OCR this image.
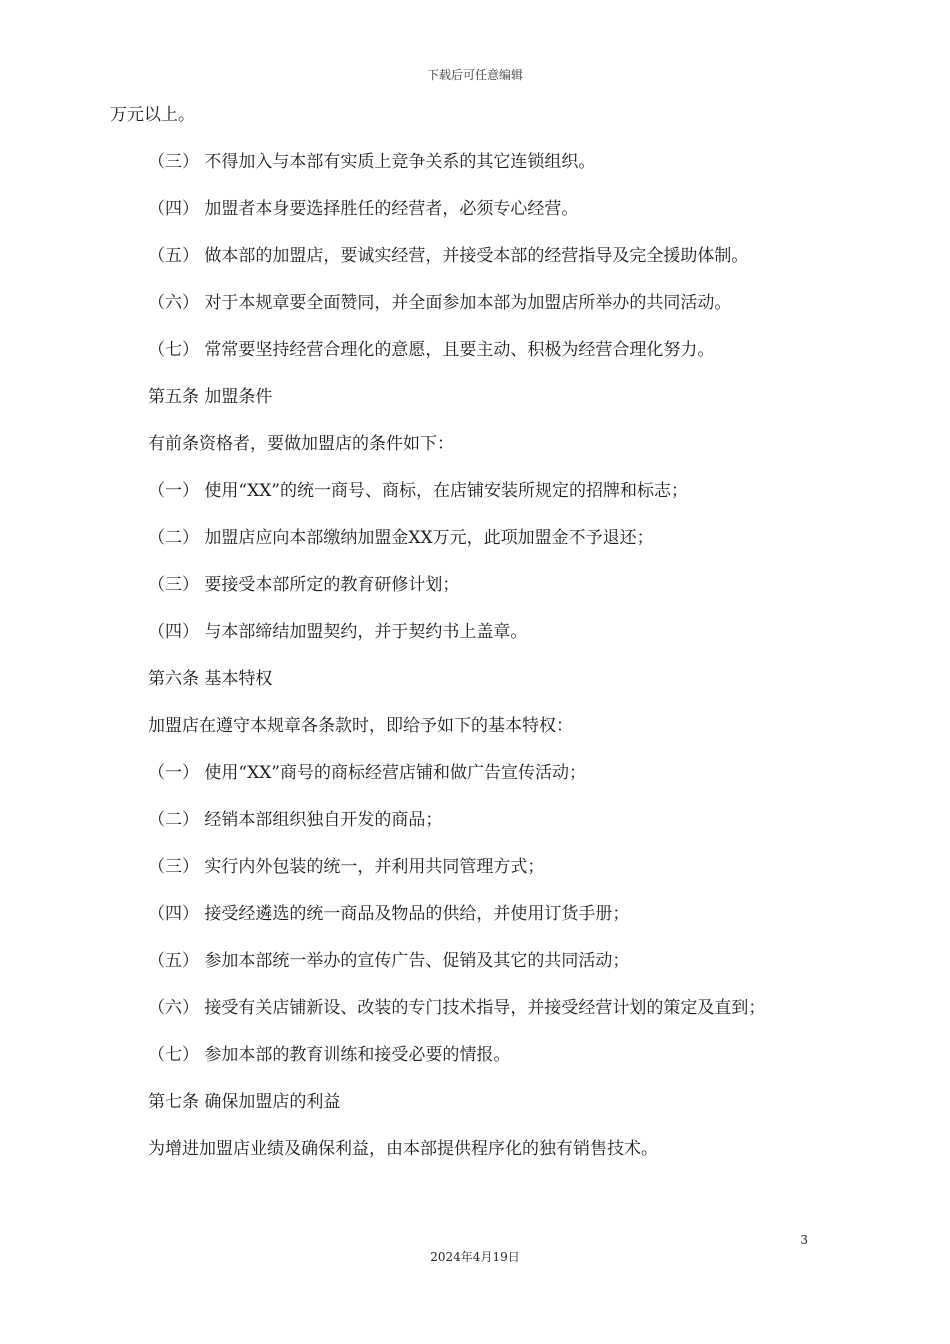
下载后可任意编辑

万元以上。

（三） 不得加入与本部有实质上竞争关系的其它连锁组织。

（四） 加盟者本身要选择胜任的经营者，必须专心经营。

（五） 做本部的加盟店，要诚实经营，并接受本部的经营指导及完全援助体制。

（六） 对于本规章要全面赞同，并全面参加本部为加盟店所举办的共同活动。

（七） 常常要坚持经营合理化的意愿，且要主动、积极为经营合理化努力。

第五条 加盟条件

有前条资格者，要做加盟店的条件如下：

（一） 使用“XX”的统一商号、商标，在店铺安装所规定的招牌和标志；

（二） 加盟店应向本部缴纳加盟金XX万元，此项加盟金不予退还；

（三） 要接受本部所定的教育研修计划；

（四） 与本部缔结加盟契约，并于契约书上盖章。

第六条 基本特权

加盟店在遵守本规章各条款时，即给予如下的基本特权：

（一） 使用“XX”商号的商标经营店铺和做广告宣传活动；

（二） 经销本部组织独自开发的商品；

（三） 实行内外包装的统一，并利用共同管理方式；

（四） 接受经遴选的统一商品及物品的供给，并使用订货手册；

（五） 参加本部统一举办的宣传广告、促销及其它的共同活动；

（六） 接受有关店铺新设、改装的专门技术指导，并接受经营计划的策定及直到；

（七） 参加本部的教育训练和接受必要的情报。

第七条 确保加盟店的利益

为增进加盟店业绩及确保利益，由本部提供程序化的独有销售技术。

3
2024年4月19日
